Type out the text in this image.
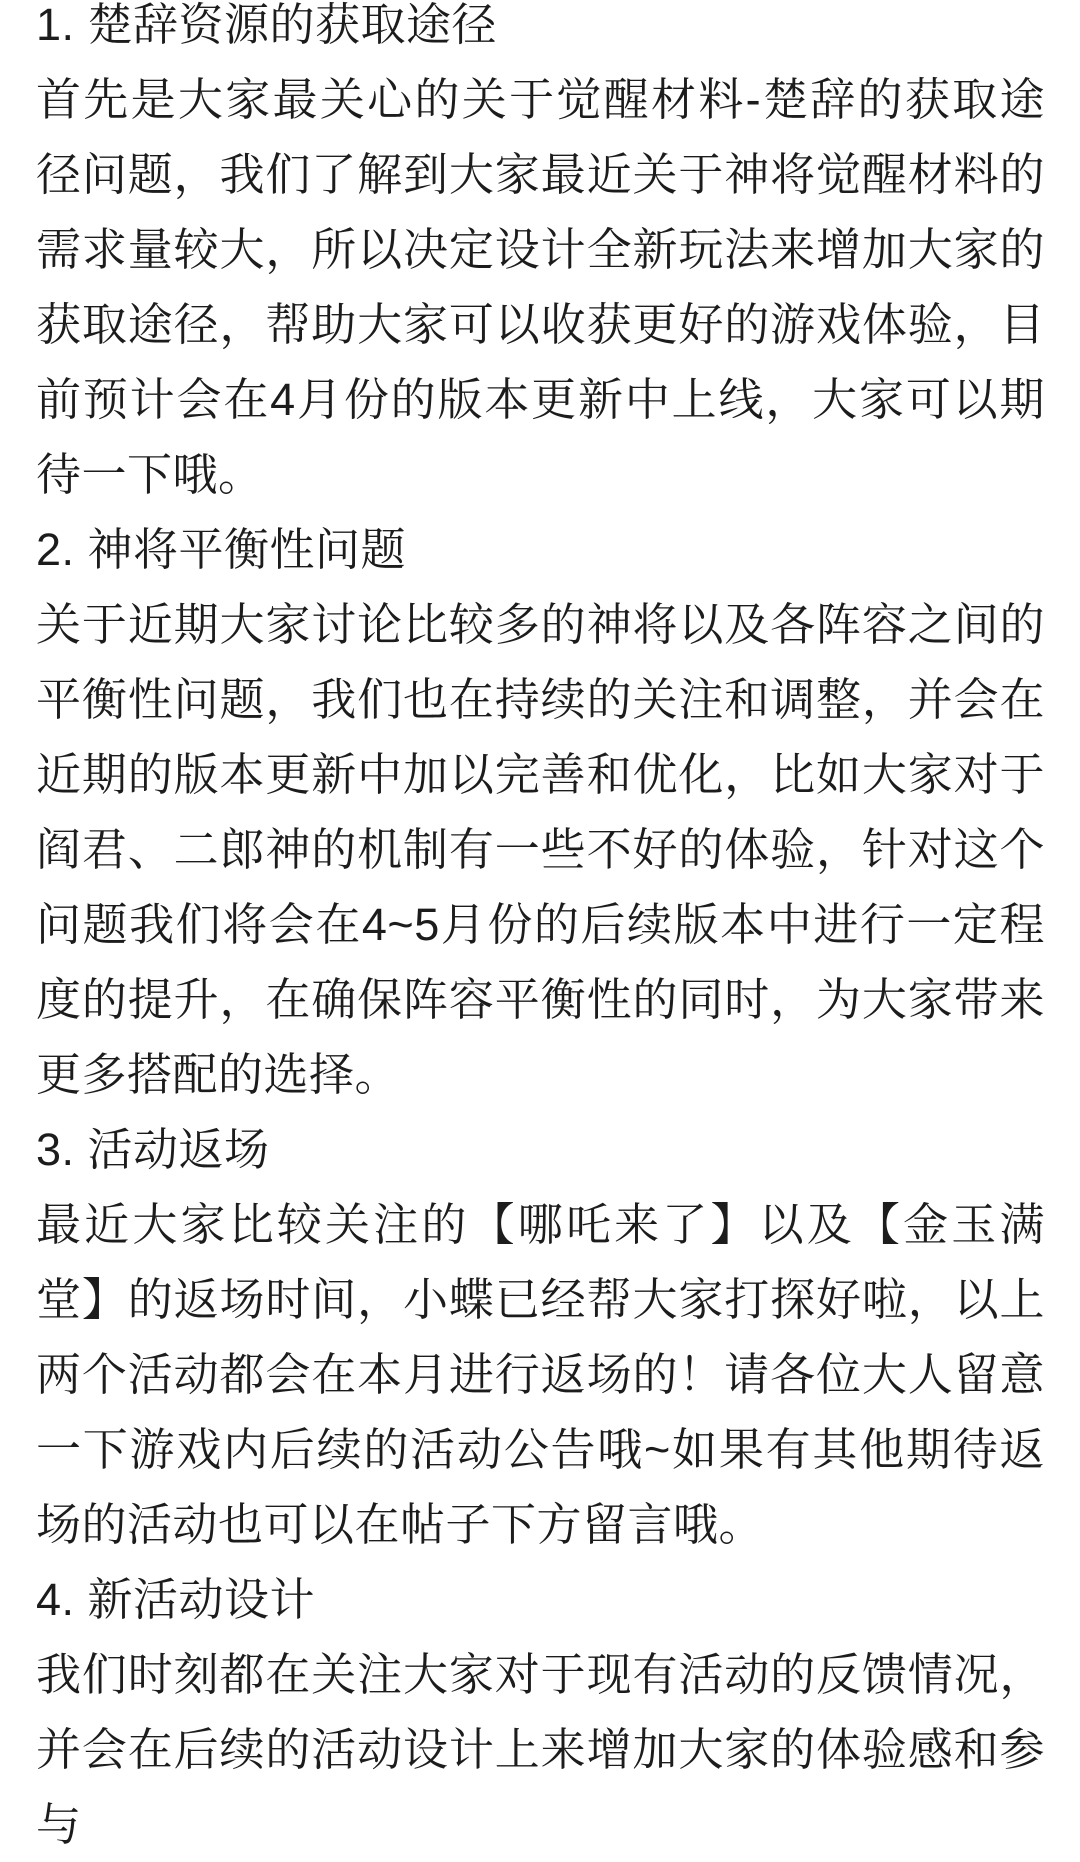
1. 楚辞资源的获取途径

首先是大家最关心的关于觉醒材料-楚辞的获取途径问题，我们了解到大家最近关于神将觉醒材料的需求量较大，所以决定设计全新玩法来增加大家的获取途径，帮助大家可以收获更好的游戏体验，目前预计会在4月份的版本更新中上线，大家可以期待一下哦。

2. 神将平衡性问题

关于近期大家讨论比较多的神将以及各阵容之间的平衡性问题，我们也在持续的关注和调整，并会在近期的版本更新中加以完善和优化，比如大家对于阎君、二郎神的机制有一些不好的体验，针对这个问题我们将会在4~5月份的后续版本中进行一定程度的提升，在确保阵容平衡性的同时，为大家带来更多搭配的选择。

3. 活动返场

最近大家比较关注的【哪吒来了】以及【金玉满堂】的返场时间，小蝶已经帮大家打探好啦，以上两个活动都会在本月进行返场的！请各位大人留意一下游戏内后续的活动公告哦~如果有其他期待返场的活动也可以在帖子下方留言哦。

4. 新活动设计

我们时刻都在关注大家对于现有活动的反馈情况，并会在后续的活动设计上来增加大家的体验感和参与
